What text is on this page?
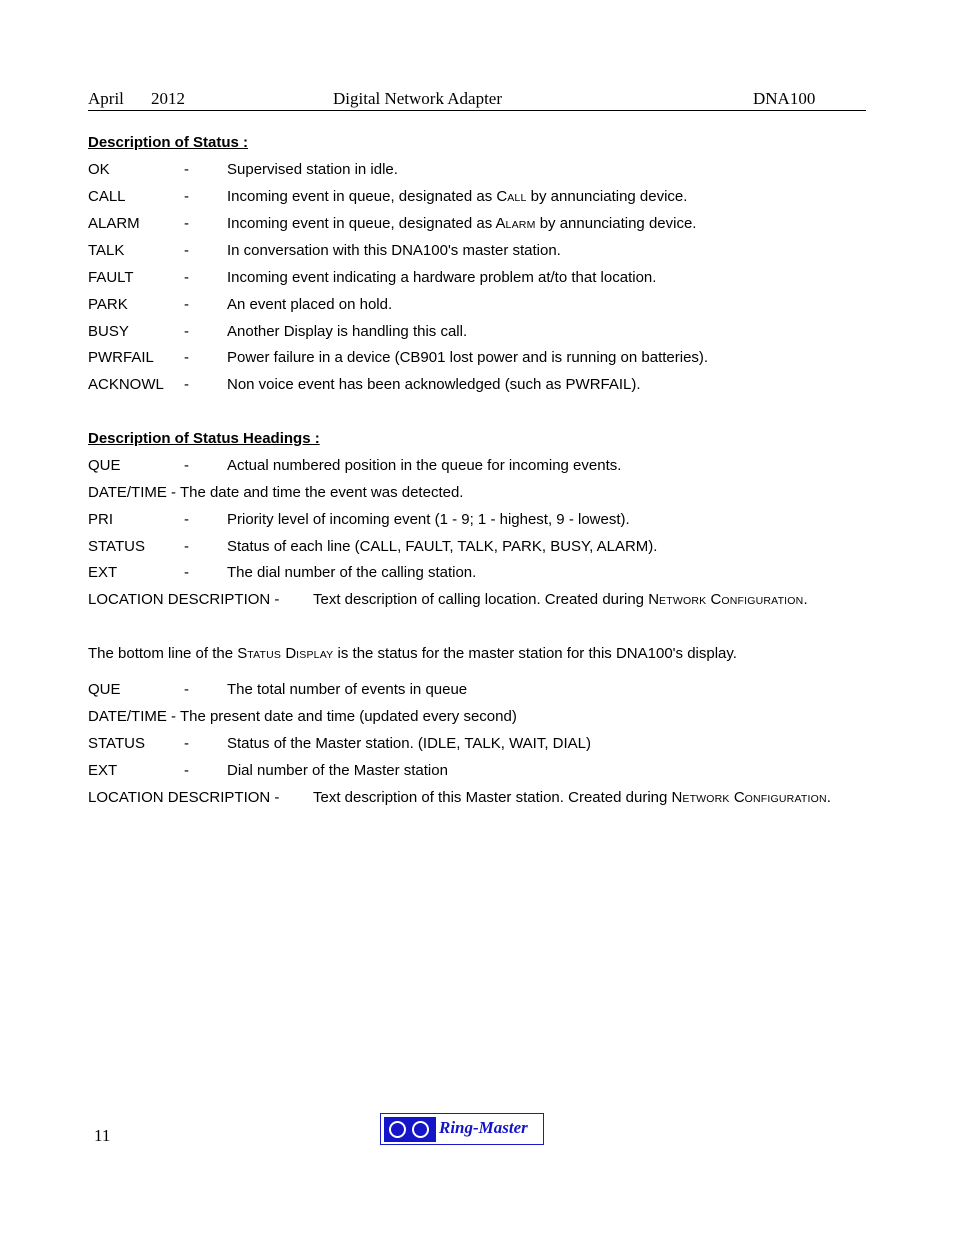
April 2012	Digital Network Adapter	DNA100
Description of Status :
OK	-	Supervised station in idle.
CALL	-	Incoming event in queue, designated as CALL by annunciating device.
ALARM	-	Incoming event in queue, designated as ALARM by annunciating device.
TALK	-	In conversation with this DNA100's master station.
FAULT	-	Incoming event indicating a hardware problem at/to that location.
PARK	-	An event placed on hold.
BUSY	-	Another Display is handling this call.
PWRFAIL -	Power failure in a device (CB901 lost power and is running on batteries).
ACKNOWL -	Non voice event has been acknowledged (such as PWRFAIL).
Description of Status Headings :
QUE	-	Actual numbered position in the queue for incoming events.
DATE/TIME - The date and time the event was detected.
PRI	-	Priority level of incoming event (1 - 9; 1 - highest, 9 - lowest).
STATUS	-	Status of each line (CALL, FAULT, TALK, PARK, BUSY, ALARM).
EXT	-	The dial number of the calling station.
LOCATION DESCRIPTION - Text description of calling location. Created during NETWORK CONFIGURATION.
The bottom line of the STATUS DISPLAY is the status for the master station for this DNA100's display.
QUE	-	The total number of events in queue
DATE/TIME - The present date and time (updated every second)
STATUS	-	Status of the Master station. (IDLE, TALK, WAIT, DIAL)
EXT	-	Dial number of the Master station
LOCATION DESCRIPTION - Text description of this Master station. Created during NETWORK CONFIGURATION.
11	Ring-Master
